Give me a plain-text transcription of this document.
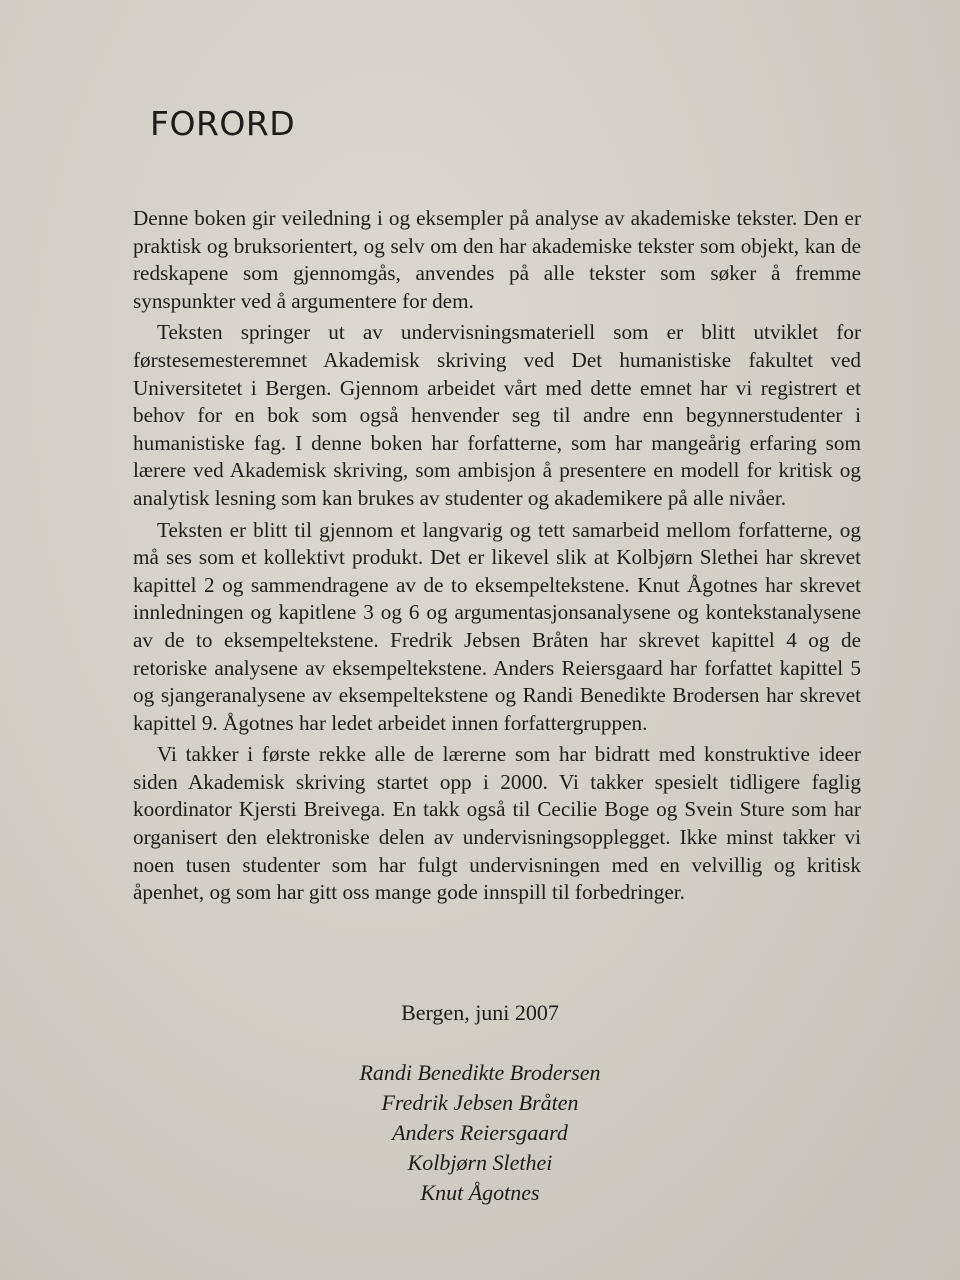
FORORD

Denne boken gir veiledning i og eksempler på analyse av akademiske tekster. Den er praktisk og bruksorientert, og selv om den har akademiske tekster som objekt, kan de redskapene som gjennomgås, anvendes på alle tekster som søker å fremme synspunkter ved å argumentere for dem.

Teksten springer ut av undervisningsmateriell som er blitt utviklet for førstesemesteremnet Akademisk skriving ved Det humanistiske fakultet ved Universitetet i Bergen. Gjennom arbeidet vårt med dette emnet har vi registrert et behov for en bok som også henvender seg til andre enn begynnerstudenter i humanistiske fag. I denne boken har forfatterne, som har mangeårig erfaring som lærere ved Akademisk skriving, som ambisjon å presentere en modell for kritisk og analytisk lesning som kan brukes av studenter og akademikere på alle nivåer.

Teksten er blitt til gjennom et langvarig og tett samarbeid mellom forfatterne, og må ses som et kollektivt produkt. Det er likevel slik at Kolbjørn Slethei har skrevet kapittel 2 og sammendragene av de to eksempeltekstene. Knut Ågotnes har skrevet innledningen og kapitlene 3 og 6 og argumentasjonsanalysene og kontekstanalysene av de to eksempeltekstene. Fredrik Jebsen Bråten har skrevet kapittel 4 og de retoriske analysene av eksempeltekstene. Anders Reiersgaard har forfattet kapittel 5 og sjangeranalysene av eksempeltekstene og Randi Benedikte Brodersen har skrevet kapittel 9. Ågotnes har ledet arbeidet innen forfattergruppen.

Vi takker i første rekke alle de lærerne som har bidratt med konstruktive ideer siden Akademisk skriving startet opp i 2000. Vi takker spesielt tidligere faglig koordinator Kjersti Breivega. En takk også til Cecilie Boge og Svein Sture som har organisert den elektroniske delen av undervisningsopplegget. Ikke minst takker vi noen tusen studenter som har fulgt undervisningen med en velvillig og kritisk åpenhet, og som har gitt oss mange gode innspill til forbedringer.

Bergen, juni 2007
Randi Benedikte Brodersen
Fredrik Jebsen Bråten
Anders Reiersgaard
Kolbjørn Slethei
Knut Ågotnes
